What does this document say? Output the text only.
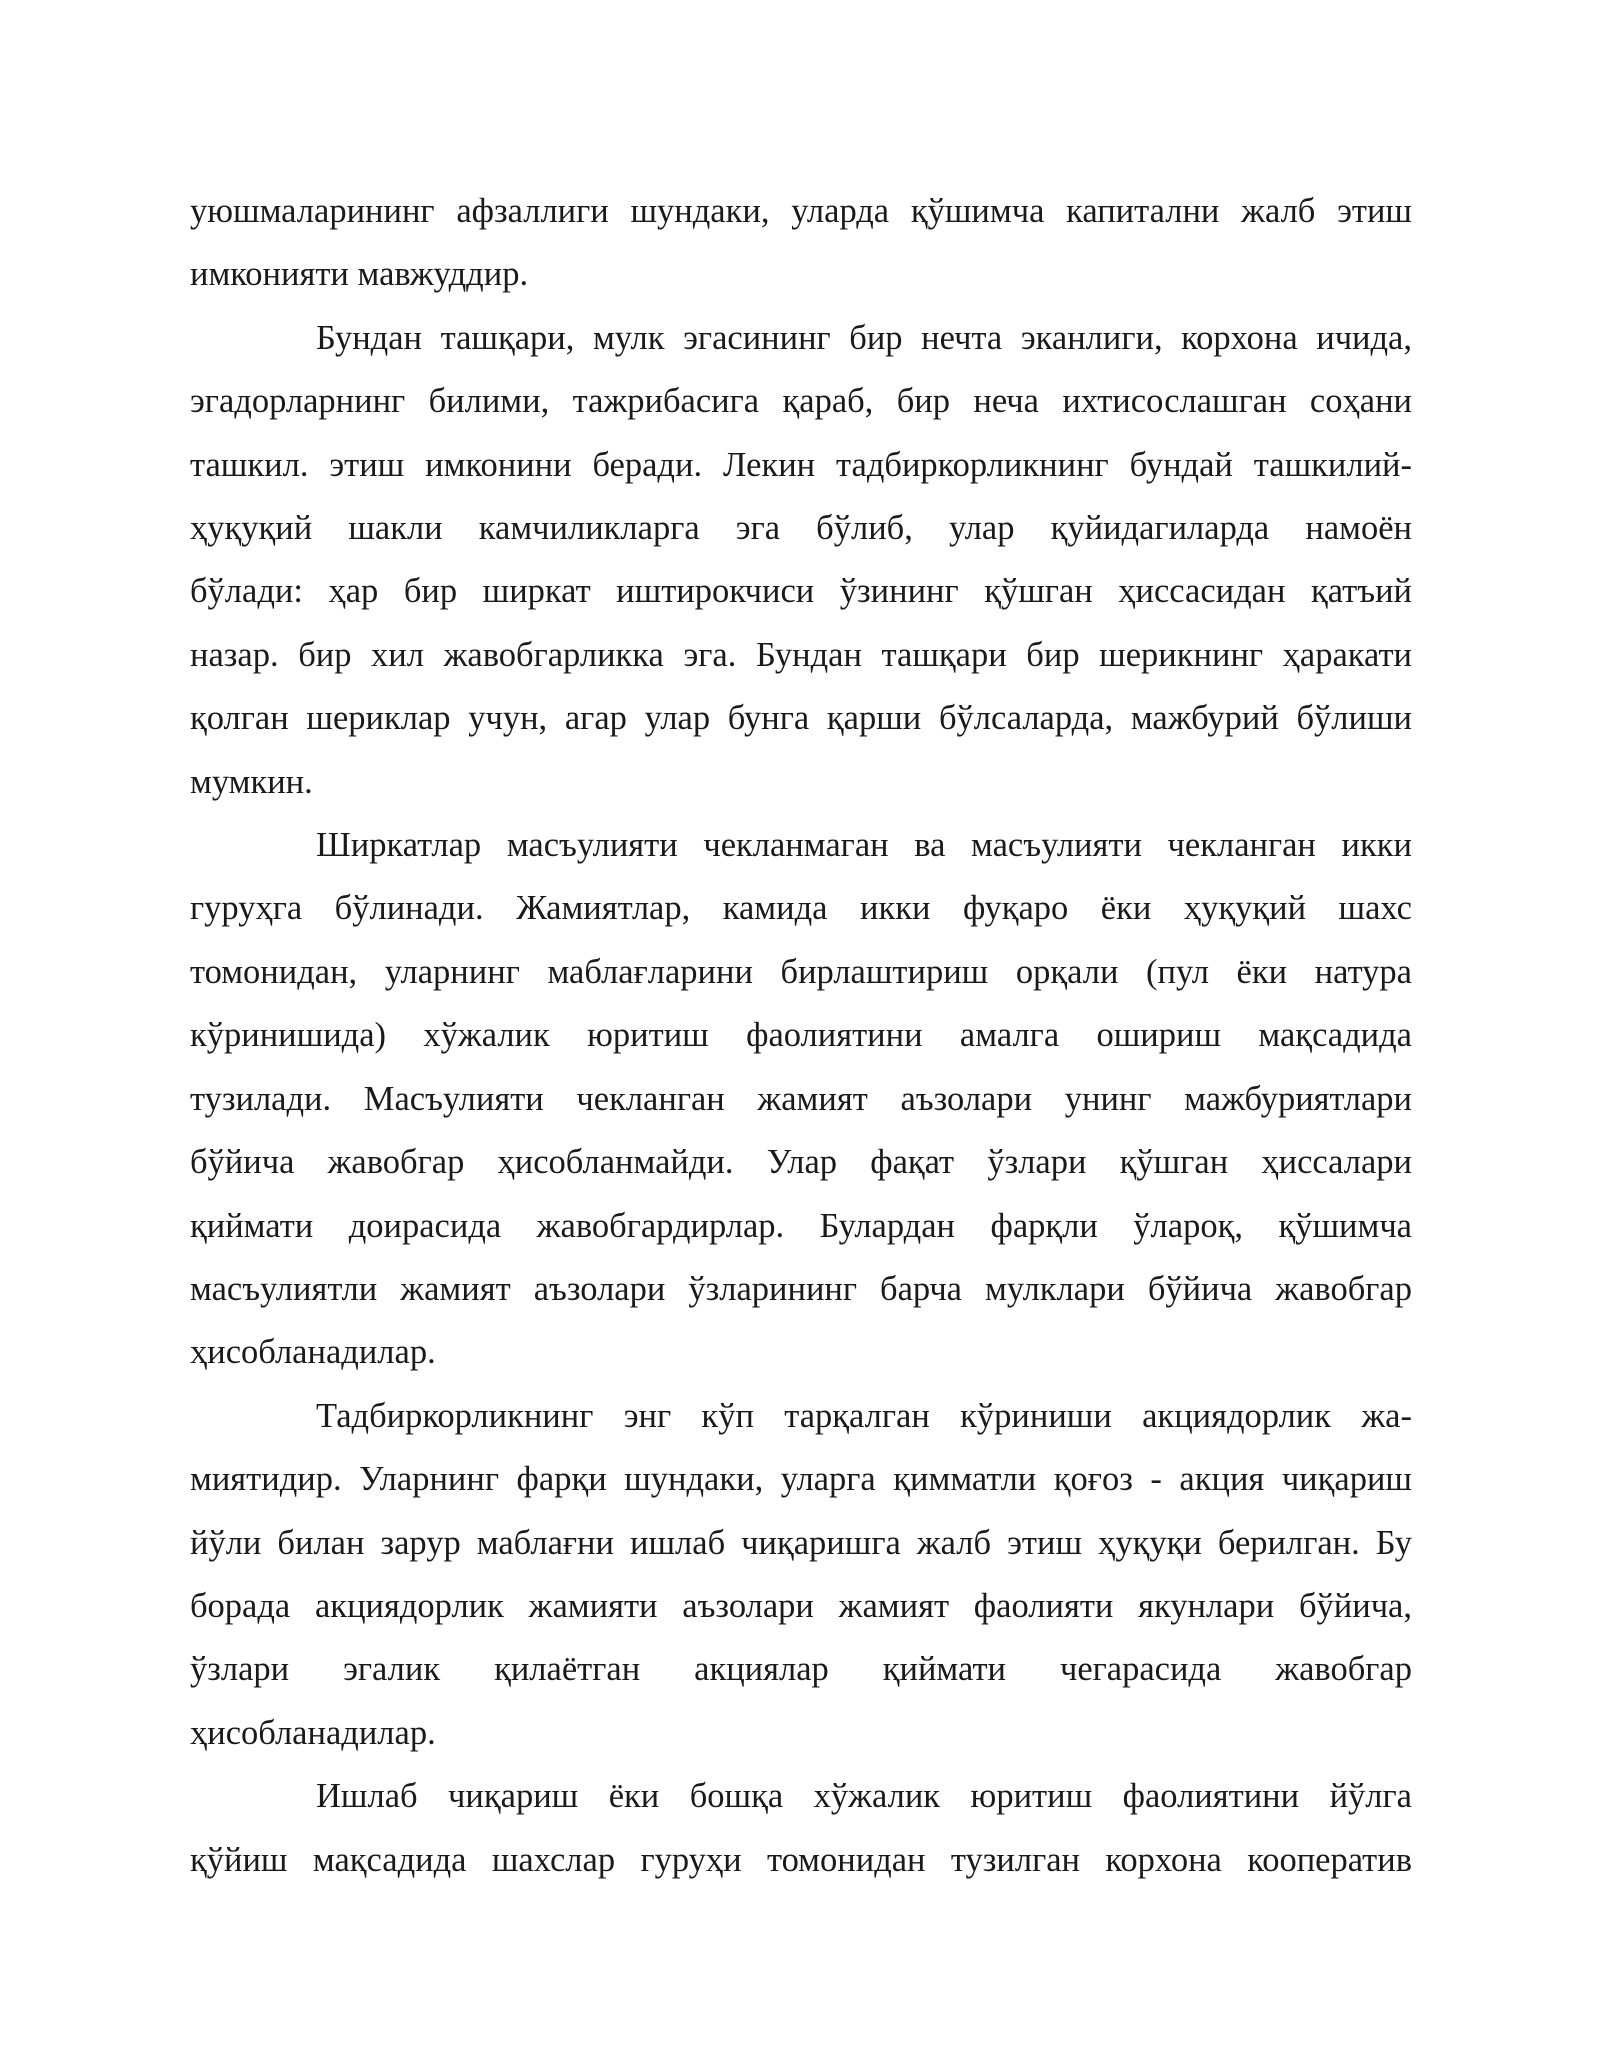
уюшмаларининг афзаллиги шундаки, уларда қўшимча капитални жалб этиш
имконияти мавжуддир.

Бундан ташқари, мулк эгасининг бир нечта эканлиги, корхона ичида,
эгадорларнинг билими, тажрибасига қараб, бир неча ихтисослашган соҳани
ташкил. этиш имконини беради. Лекин тадбиркорликнинг бундай ташкилий-
ҳуқуқий шакли камчиликларга эга бўлиб, улар қуйидагиларда намоён
бўлади: ҳар бир ширкат иштирокчиси ўзининг қўшган ҳиссасидан қатъий
назар. бир хил жавобгарликка эга. Бундан ташқари бир шерикнинг ҳаракати
қолган шериклар учун, агар улар бунга қарши бўлсаларда, мажбурий бўлиши
мумкин.

Ширкатлар масъулияти чекланмаган ва масъулияти чекланган икки
гуруҳга бўлинади. Жамиятлар, камида икки фуқаро ёки ҳуқуқий шахс
томонидан, уларнинг маблағларини бирлаштириш орқали (пул ёки натура
кўринишида) хўжалик юритиш фаолиятини амалга ошириш мақсадида
тузилади. Масъулияти чекланган жамият аъзолари унинг мажбуриятлари
бўйича жавобгар ҳисобланмайди. Улар фақат ўзлари қўшган ҳиссалари
қиймати доирасида жавобгардирлар. Булардан фарқли ўлароқ, қўшимча
масъулиятли жамият аъзолари ўзларининг барча мулклари бўйича жавобгар
ҳисобланадилар.

Тадбиркорликнинг энг кўп тарқалган кўриниши акциядорлик жа-
миятидир. Уларнинг фарқи шундаки, уларга қимматли қоғоз - акция чиқариш
йўли билан зарур маблағни ишлаб чиқаришга жалб этиш ҳуқуқи берилган. Бу
борада акциядорлик жамияти аъзолари жамият фаолияти якунлари бўйича,
ўзлари эгалик қилаётган акциялар қиймати чегарасида жавобгар
ҳисобланадилар.

Ишлаб чиқариш ёки бошқа хўжалик юритиш фаолиятини йўлга
қўйиш мақсадида шахслар гуруҳи томонидан тузилган корхона кооператив
